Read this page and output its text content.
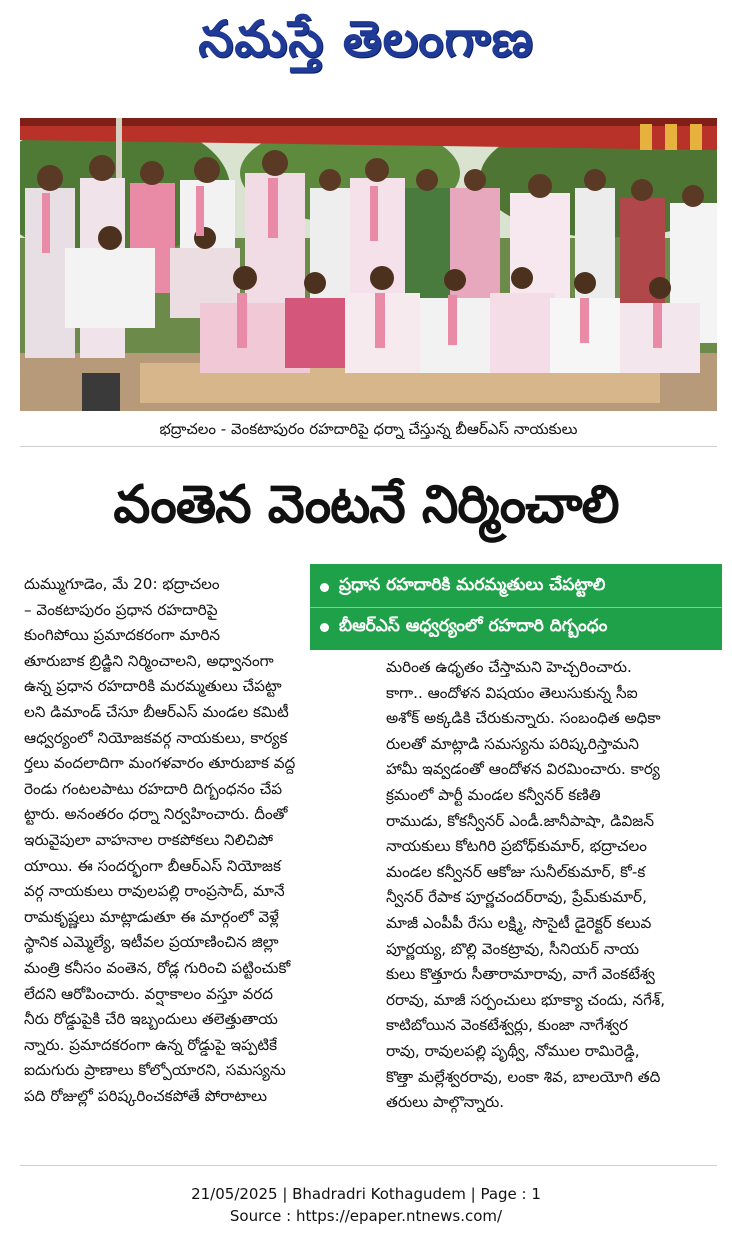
నమస్తే తెలంగాణ
భద్రాచలం - వెంకటాపురం రహదారిపై ధర్నా చేస్తున్న బీఆర్ఎస్ నాయకులు
వంతెన వెంటనే నిర్మించాలి
ప్రధాన రహదారికి మరమ్మతులు చేపట్టాలి
బీఆర్ఎస్ ఆధ్వర్యంలో రహదారి దిగ్బంధం
దుమ్ముగూడెం, మే 20: భద్రాచలం
– వెంకటాపురం ప్రధాన రహదారిపై
కుంగిపోయి ప్రమాదకరంగా మారిన
తూరుబాక బ్రిడ్జిని నిర్మించాలని, అధ్వానంగా
ఉన్న ప్రధాన రహదారికి మరమ్మతులు చేపట్టా
లని డిమాండ్ చేసూ బీఆర్ఎస్ మండల కమిటీ
ఆధ్వర్యంలో నియోజకవర్గ నాయకులు, కార్యక
ర్తలు వందలాదిగా మంగళవారం తూరుబాక వద్ద
రెండు గంటలపాటు రహదారి దిగ్బంధనం చేప
ట్టారు. అనంతరం ధర్నా నిర్వహించారు. దీంతో
ఇరువైపులా వాహనాల రాకపోకలు నిలిచిపో
యాయి. ఈ సందర్భంగా బీఆర్ఎస్ నియోజక
వర్గ నాయకులు రావులపల్లి రాంప్రసాద్, మానే
రామకృష్ణలు మాట్లాడుతూ ఈ మార్గంలో వెళ్లే
స్థానిక ఎమ్మెల్యే, ఇటీవల ప్రయాణించిన జిల్లా
మంత్రి కనీసం వంతెన, రోడ్ల గురించి పట్టించుకో
లేదని ఆరోపించారు. వర్షాకాలం వస్తూ వరద
నీరు రోడ్డుపైకి చేరి ఇబ్బందులు తలెత్తుతాయ
న్నారు. ప్రమాదకరంగా ఉన్న రోడ్డుపై ఇప్పటికే
ఐదుగురు ప్రాణాలు కోల్పోయారని, సమస్యను
పది రోజుల్లో పరిష్కరించకపోతే పోరాటాలు
మరింత ఉధృతం చేస్తామని హెచ్చరించారు.
కాగా.. ఆందోళన విషయం తెలుసుకున్న సీఐ
అశోక్ అక్కడికి చేరుకున్నారు. సంబంధిత అధికా
రులతో మాట్లాడి సమస్యను పరిష్కరిస్తామని
హామీ ఇవ్వడంతో ఆందోళన విరమించారు. కార్య
క్రమంలో పార్టీ మండల కన్వీనర్ కణితి
రాముడు, కోకన్వీనర్ ఎండీ.జానీపాషా, డివిజన్
నాయకులు కోటగిరి ప్రబోధ్‌కుమార్, భద్రాచలం
మండల కన్వీనర్ ఆకోజు సునీల్‌కుమార్, కో-క
న్వీనర్ రేపాక పూర్ణచందర్‌రావు, ప్రేమ్‌కుమార్,
మాజీ ఎంపీపీ రేసు లక్ష్మి, సొసైటీ డైరెక్టర్ కలువ
పూర్ణయ్య, బొల్లి వెంకట్రావు, సీనియర్ నాయ
కులు కొత్తూరు సీతారామారావు, వాగే వెంకటేశ్వ
రరావు, మాజీ సర్పంచులు భూక్యా చందు, నగేశ్,
కాటిబోయిన వెంకటేశ్వర్లు, కుంజా నాగేశ్వర
రావు, రావులపల్లి పృథ్వీ, నోముల రామిరెడ్డి,
కొత్తా మల్లేశ్వరరావు, లంకా శివ, బాలయోగి తది
తరులు పాల్గొన్నారు.
21/05/2025 | Bhadradri Kothagudem | Page : 1
Source : https://epaper.ntnews.com/
